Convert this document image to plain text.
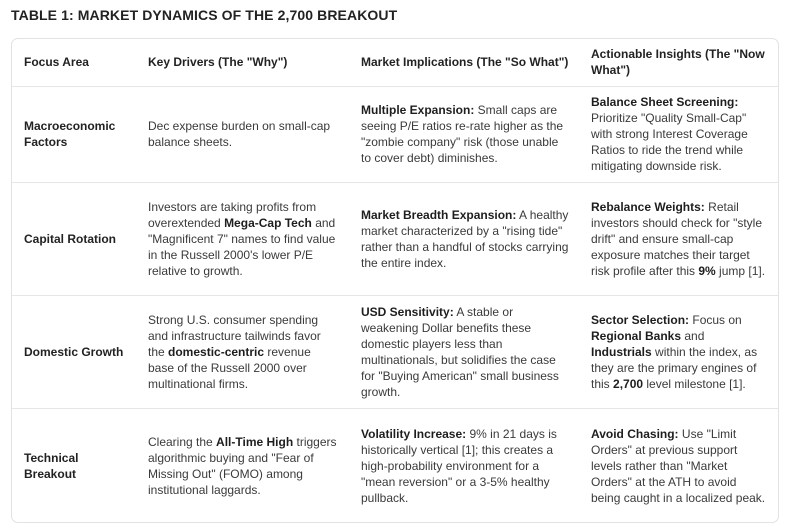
TABLE 1: MARKET DYNAMICS OF THE 2,700 BREAKOUT
Focus Area	Key Drivers (The "Why")	Market Implications (The "So What")	Actionable Insights (The "Now What")
Macroeconomic Factors	Dec expense burden on small-cap balance sheets.	Multiple Expansion: Small caps are seeing P/E ratios re-rate higher as the "zombie company" risk (those unable to cover debt) diminishes.	Balance Sheet Screening: Prioritize "Quality Small-Cap" with strong Interest Coverage Ratios to ride the trend while mitigating downside risk.
Capital Rotation	Investors are taking profits from overextended Mega-Cap Tech and "Magnificent 7" names to find value in the Russell 2000's lower P/E relative to growth.	Market Breadth Expansion: A healthy market characterized by a "rising tide" rather than a handful of stocks carrying the entire index.	Rebalance Weights: Retail investors should check for "style drift" and ensure small-cap exposure matches their target risk profile after this 9% jump [1].
Domestic Growth	Strong U.S. consumer spending and infrastructure tailwinds favor the domestic-centric revenue base of the Russell 2000 over multinational firms.	USD Sensitivity: A stable or weakening Dollar benefits these domestic players less than multinationals, but solidifies the case for "Buying American" small business growth.	Sector Selection: Focus on Regional Banks and Industrials within the index, as they are the primary engines of this 2,700 level milestone [1].
Technical Breakout	Clearing the All-Time High triggers algorithmic buying and "Fear of Missing Out" (FOMO) among institutional laggards.	Volatility Increase: 9% in 21 days is historically vertical [1]; this creates a high-probability environment for a "mean reversion" or a 3-5% healthy pullback.	Avoid Chasing: Use "Limit Orders" at previous support levels rather than "Market Orders" at the ATH to avoid being caught in a localized peak.
